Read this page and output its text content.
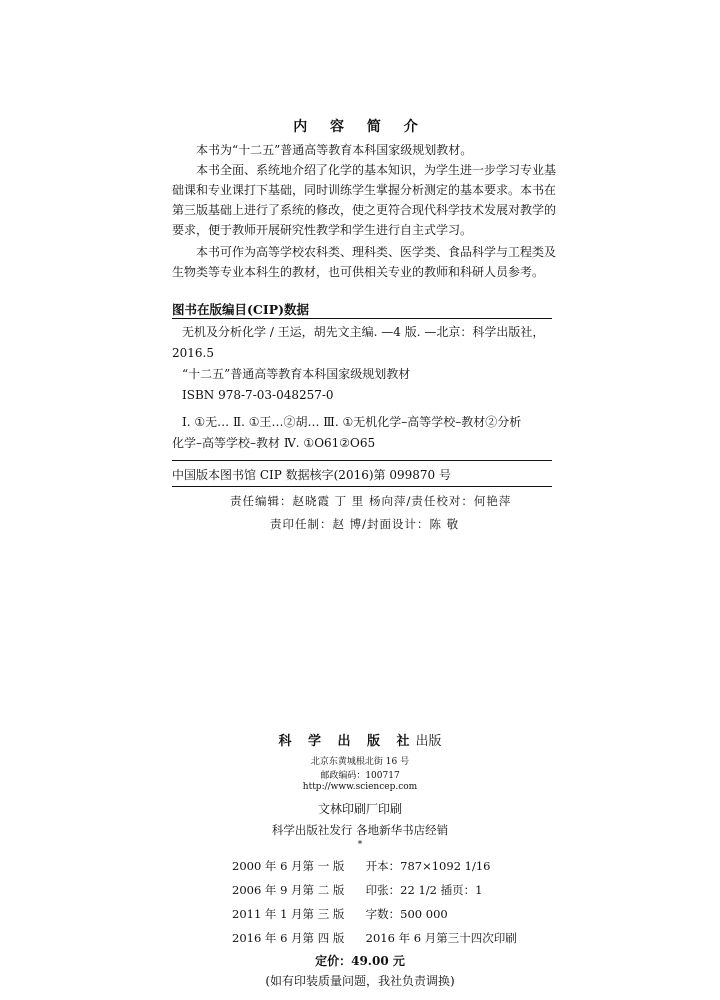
内 容 简 介
本书为“十二五”普通高等教育本科国家级规划教材。
本书全面、系统地介绍了化学的基本知识，为学生进一步学习专业基
础课和专业课打下基础，同时训练学生掌握分析测定的基本要求。本书在
第三版基础上进行了系统的修改，使之更符合现代科学技术发展对教学的
要求，便于教师开展研究性教学和学生进行自主式学习。
本书可作为高等学校农科类、理科类、医学类、食品科学与工程类及
生物类等专业本科生的教材，也可供相关专业的教师和科研人员参考。
图书在版编目(CIP)数据
无机及分析化学 / 王运，胡先文主编. —4 版. —北京：科学出版社，
2016.5
“十二五”普通高等教育本科国家级规划教材
ISBN 978-7-03-048257-0
Ⅰ. ①无… Ⅱ. ①王…②胡… Ⅲ. ①无机化学–高等学校–教材②分析
化学–高等学校–教材 Ⅳ. ①O61②O65
中国版本图书馆 CIP 数据核字(2016)第 099870 号
责任编辑：赵晓霞 丁 里 杨向萍/责任校对：何艳萍
责印任制：赵 博/封面设计：陈 敬
科 学 出 版 社出版
北京东黄城根北街 16 号
邮政编码：100717
http://www.sciencep.com
文林印刷厂印刷
科学出版社发行 各地新华书店经销
*
2000 年 6 月第 一 版 开本：787×1092 1/16
2006 年 9 月第 二 版 印张：22 1/2 插页：1
2011 年 1 月第 三 版 字数：500 000
2016 年 6 月第 四 版 2016 年 6 月第三十四次印刷
定价：49.00 元
(如有印装质量问题，我社负责调换)
